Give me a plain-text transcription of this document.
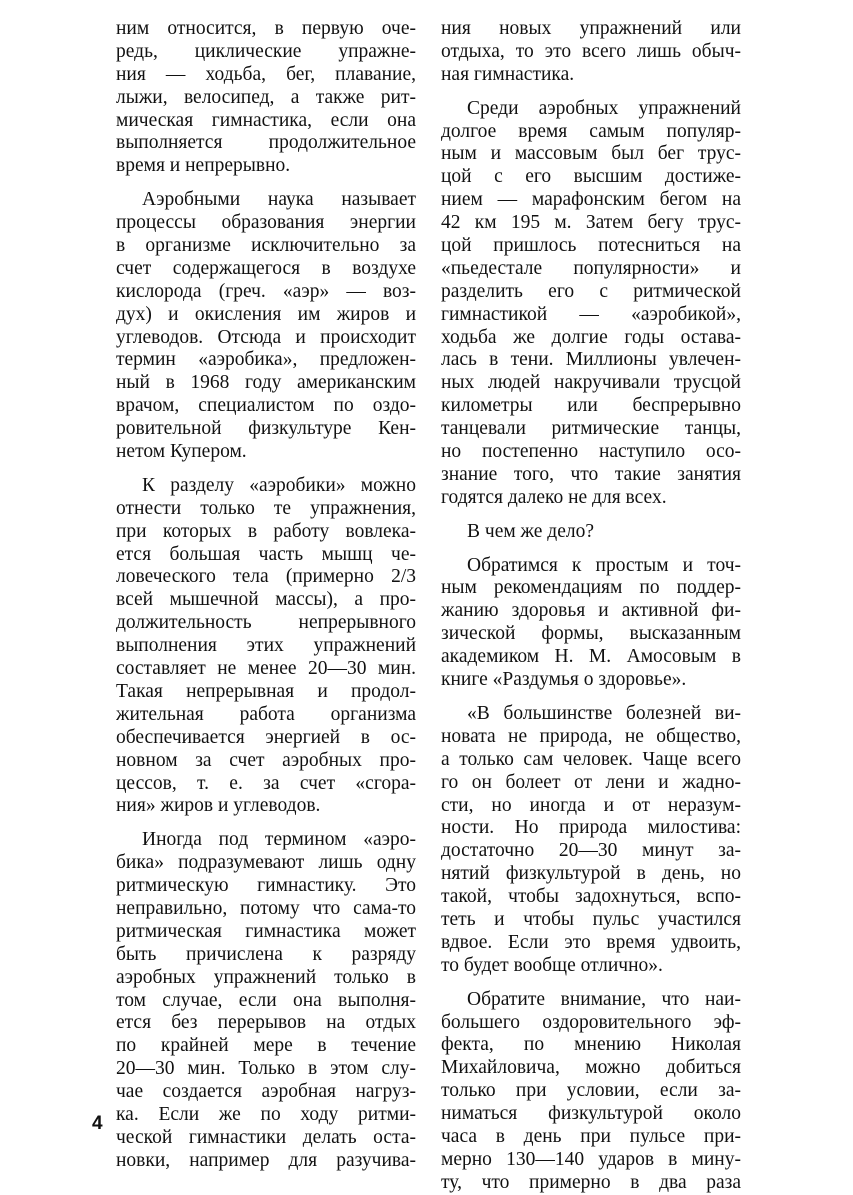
ним относится, в первую оче-
редь, циклические упражне-
ния — ходьба, бег, плавание,
лыжи, велосипед, а также рит-
мическая гимнастика, если она
выполняется продолжительное
время и непрерывно.
Аэробными наука называет
процессы образования энергии
в организме исключительно за
счет содержащегося в воздухе
кислорода (греч. «аэр» — воз-
дух) и окисления им жиров и
углеводов. Отсюда и происходит
термин «аэробика», предложен-
ный в 1968 году американским
врачом, специалистом по оздо-
ровительной физкультуре Кен-
нетом Купером.
К разделу «аэробики» можно
отнести только те упражнения,
при которых в работу вовлека-
ется большая часть мышц че-
ловеческого тела (примерно 2/3
всей мышечной массы), а про-
должительность непрерывного
выполнения этих упражнений
составляет не менее 20—30 мин.
Такая непрерывная и продол-
жительная работа организма
обеспечивается энергией в ос-
новном за счет аэробных про-
цессов, т. е. за счет «сгора-
ния» жиров и углеводов.
Иногда под термином «аэро-
бика» подразумевают лишь одну
ритмическую гимнастику. Это
неправильно, потому что сама-то
ритмическая гимнастика может
быть причислена к разряду
аэробных упражнений только в
том случае, если она выполня-
ется без перерывов на отдых
по крайней мере в течение
20—30 мин. Только в этом слу-
чае создается аэробная нагруз-
ка. Если же по ходу ритми-
ческой гимнастики делать оста-
новки, например для разучива-
ния новых упражнений или
отдыха, то это всего лишь обыч-
ная гимнастика.
Среди аэробных упражнений
долгое время самым популяр-
ным и массовым был бег трус-
цой с его высшим достиже-
нием — марафонским бегом на
42 км 195 м. Затем бегу трус-
цой пришлось потесниться на
«пьедестале популярности» и
разделить его с ритмической
гимнастикой — «аэробикой»,
ходьба же долгие годы остава-
лась в тени. Миллионы увлечен-
ных людей накручивали трусцой
километры или беспрерывно
танцевали ритмические танцы,
но постепенно наступило осо-
знание того, что такие занятия
годятся далеко не для всех.
В чем же дело?
Обратимся к простым и точ-
ным рекомендациям по поддер-
жанию здоровья и активной фи-
зической формы, высказанным
академиком Н. М. Амосовым в
книге «Раздумья о здоровье».
«В большинстве болезней ви-
новата не природа, не общество,
а только сам человек. Чаще всего
го он болеет от лени и жадно-
сти, но иногда и от неразум-
ности. Но природа милостива:
достаточно 20—30 минут за-
нятий физкультурой в день, но
такой, чтобы задохнуться, вспо-
теть и чтобы пульс участился
вдвое. Если это время удвоить,
то будет вообще отлично».
Обратите внимание, что наи-
большего оздоровительного эф-
фекта, по мнению Николая
Михайловича, можно добиться
только при условии, если за-
ниматься физкультурой около
часа в день при пульсе при-
мерно 130—140 ударов в мину-
ту, что примерно в два раза
4
